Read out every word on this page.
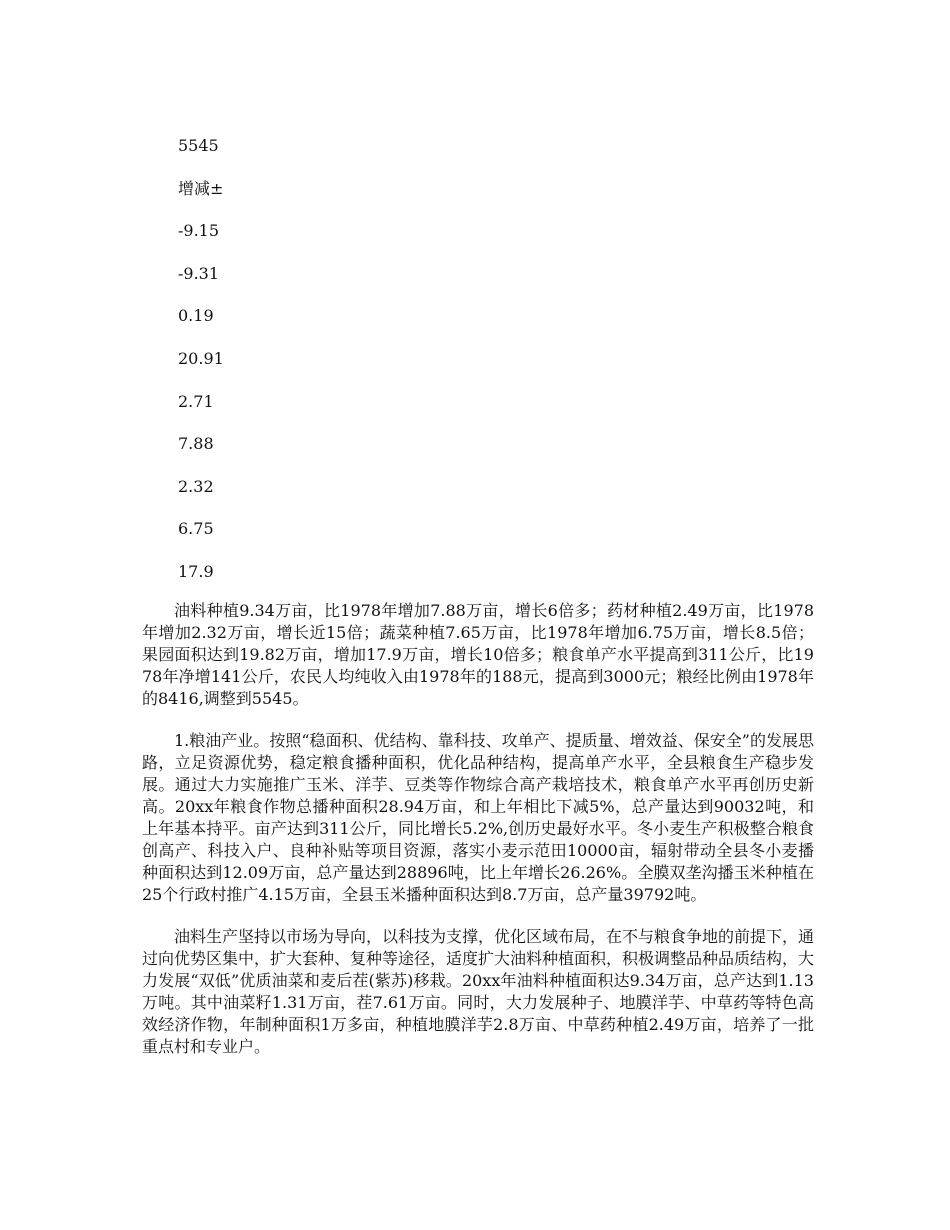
5545
增减±
-9.15
-9.31
0.19
20.91
2.71
7.88
2.32
6.75
17.9

油料种植9.34万亩，比1978年增加7.88万亩，增长6倍多；药材种植2.49万亩，比1978年增加2.32万亩，增长近15倍；蔬菜种植7.65万亩，比1978年增加6.75万亩，增长8.5倍；果园面积达到19.82万亩，增加17.9万亩，增长10倍多；粮食单产水平提高到311公斤，比1978年净增141公斤，农民人均纯收入由1978年的188元，提高到3000元；粮经比例由1978年的8416,调整到5545。

1.粮油产业。按照“稳面积、优结构、靠科技、攻单产、提质量、增效益、保安全”的发展思路，立足资源优势，稳定粮食播种面积，优化品种结构，提高单产水平，全县粮食生产稳步发展。通过大力实施推广玉米、洋芋、豆类等作物综合高产栽培技术，粮食单产水平再创历史新高。20xx年粮食作物总播种面积28.94万亩，和上年相比下减5%，总产量达到90032吨，和上年基本持平。亩产达到311公斤，同比增长5.2%,创历史最好水平。冬小麦生产积极整合粮食创高产、科技入户、良种补贴等项目资源，落实小麦示范田10000亩，辐射带动全县冬小麦播种面积达到12.09万亩，总产量达到28896吨，比上年增长26.26%。全膜双垄沟播玉米种植在25个行政村推广4.15万亩，全县玉米播种面积达到8.7万亩，总产量39792吨。

油料生产坚持以市场为导向，以科技为支撑，优化区域布局，在不与粮食争地的前提下，通过向优势区集中，扩大套种、复种等途径，适度扩大油料种植面积，积极调整品种品质结构，大力发展“双低”优质油菜和麦后茬(紫苏)移栽。20xx年油料种植面积达9.34万亩，总产达到1.13万吨。其中油菜籽1.31万亩，茬7.61万亩。同时，大力发展种子、地膜洋芋、中草药等特色高效经济作物，年制种面积1万多亩，种植地膜洋芋2.8万亩、中草药种植2.49万亩，培养了一批重点村和专业户。
